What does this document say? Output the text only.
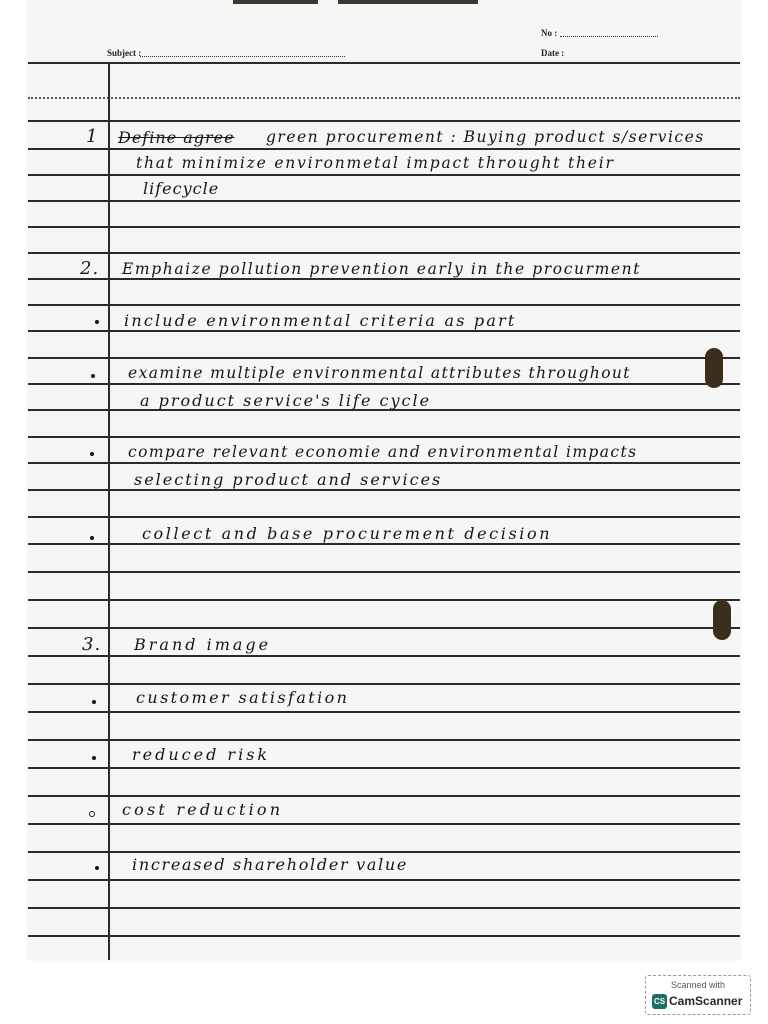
No :
Subject :	Date :
1 Define agree green procurement : Buying product s/services
that minimize environmetal impact throught their
lifecycle
2. Emphaize pollution prevention early in the procurment
include environmental criteria as part
examine multiple environmental attributes throughout
a product service's life cycle
compare relevant economie and environmental impacts
selecting product and services
collect and base procurement decision
3. Brand image
customer satisfation
reduced risk
cost reduction
increased shareholder value
Scanned with
CS CamScanner
